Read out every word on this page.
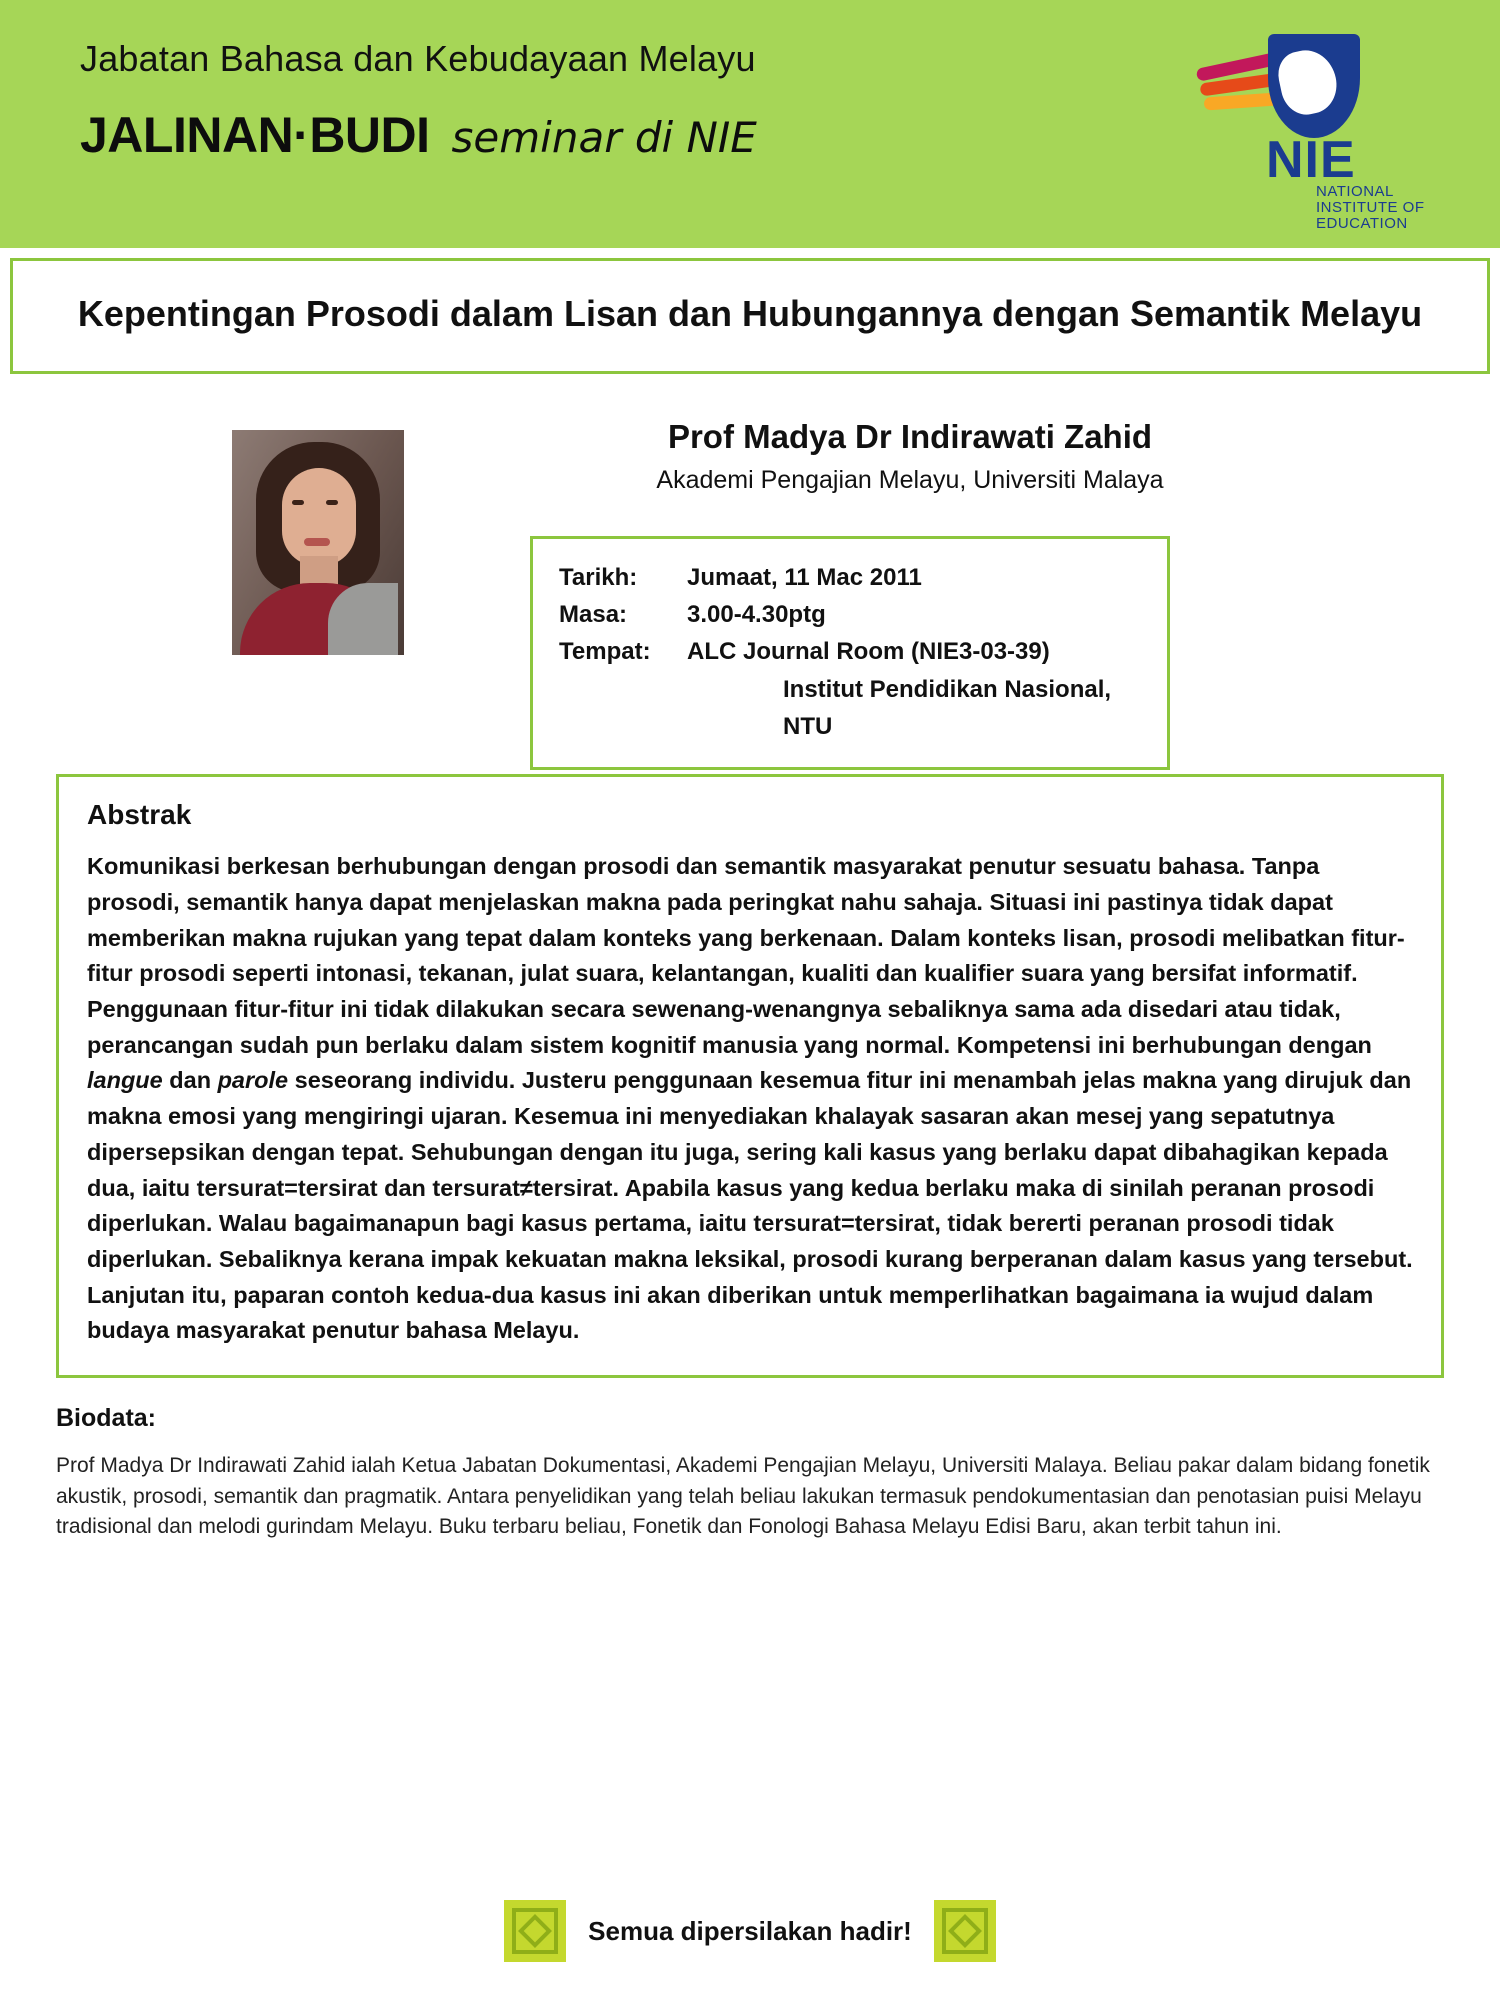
Jabatan Bahasa dan Kebudayaan Melayu
JALINAN·BUDI seminar di NIE	NIE
NATIONAL
INSTITUTE OF
EDUCATION
Kepentingan Prosodi dalam Lisan dan Hubungannya dengan Semantik Melayu
Prof Madya Dr Indirawati Zahid
Akademi Pengajian Melayu, Universiti Malaya
Tarikh:	Jumaat, 11 Mac 2011
Masa:	3.00-4.30ptg
Tempat:	ALC Journal Room (NIE3-03-39)
Institut Pendidikan Nasional, NTU
Abstrak
Komunikasi berkesan berhubungan dengan prosodi dan semantik masyarakat penutur sesuatu bahasa. Tanpa prosodi, semantik hanya dapat menjelaskan makna pada peringkat nahu sahaja. Situasi ini pastinya tidak dapat memberikan makna rujukan yang tepat dalam konteks yang berkenaan. Dalam konteks lisan, prosodi melibatkan fitur-fitur prosodi seperti intonasi, tekanan, julat suara, kelantangan, kualiti dan kualifier suara yang bersifat informatif. Penggunaan fitur-fitur ini tidak dilakukan secara sewenang-wenangnya sebaliknya sama ada disedari atau tidak, perancangan sudah pun berlaku dalam sistem kognitif manusia yang normal. Kompetensi ini berhubungan dengan langue dan parole seseorang individu. Justeru penggunaan kesemua fitur ini menambah jelas makna yang dirujuk dan makna emosi yang mengiringi ujaran. Kesemua ini menyediakan khalayak sasaran akan mesej yang sepatutnya dipersepsikan dengan tepat. Sehubungan dengan itu juga, sering kali kasus yang berlaku dapat dibahagikan kepada dua, iaitu tersurat=tersirat dan tersurat≠tersirat. Apabila kasus yang kedua berlaku maka di sinilah peranan prosodi diperlukan. Walau bagaimanapun bagi kasus pertama, iaitu tersurat=tersirat, tidak bererti peranan prosodi tidak diperlukan. Sebaliknya kerana impak kekuatan makna leksikal, prosodi kurang berperanan dalam kasus yang tersebut. Lanjutan itu, paparan contoh kedua-dua kasus ini akan diberikan untuk memperlihatkan bagaimana ia wujud dalam budaya masyarakat penutur bahasa Melayu.
Biodata:
Prof Madya Dr Indirawati Zahid ialah Ketua Jabatan Dokumentasi, Akademi Pengajian Melayu, Universiti Malaya. Beliau pakar dalam bidang fonetik akustik, prosodi, semantik dan pragmatik. Antara penyelidikan yang telah beliau lakukan termasuk pendokumentasian dan penotasian puisi Melayu tradisional dan melodi gurindam Melayu. Buku terbaru beliau, Fonetik dan Fonologi Bahasa Melayu Edisi Baru, akan terbit tahun ini.
Semua dipersilakan hadir!
